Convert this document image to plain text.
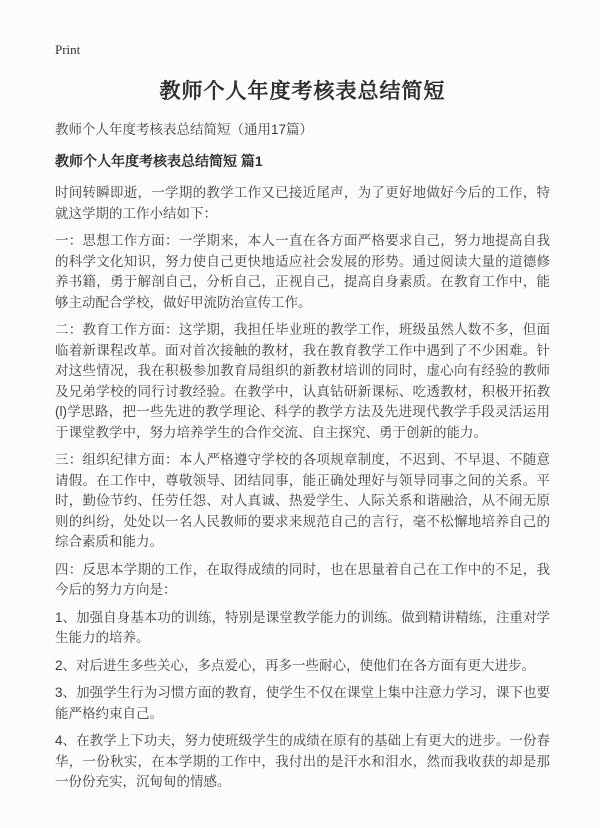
Print
教师个人年度考核表总结简短
教师个人年度考核表总结简短（通用17篇）
教师个人年度考核表总结简短 篇1

时间转瞬即逝，一学期的教学工作又已接近尾声，为了更好地做好今后的工作，特就这学期的工作小结如下：

一：思想工作方面：一学期来，本人一直在各方面严格要求自己，努力地提高自我的科学文化知识，努力使自己更快地适应社会发展的形势。通过阅读大量的道德修养书籍，勇于解剖自己，分析自己，正视自己，提高自身素质。在教育工作中，能够主动配合学校，做好甲流防治宣传工作。

二：教育工作方面：这学期，我担任毕业班的教学工作，班级虽然人数不多，但面临着新课程改革。面对首次接触的教材，我在教育教学工作中遇到了不少困难。针对这些情况，我在积极参加教育局组织的新教材培训的同时，虚心向有经验的教师及兄弟学校的同行讨教经验。在教学中，认真钻研新课标、吃透教材，积极开拓教(l)学思路，把一些先进的教学理论、科学的教学方法及先进现代教学手段灵活运用于课堂教学中，努力培养学生的合作交流、自主探究、勇于创新的能力。

三：组织纪律方面：本人严格遵守学校的各项规章制度，不迟到、不早退、不随意请假。在工作中，尊敬领导、团结同事，能正确处理好与领导同事之间的关系。平时，勤俭节约、任劳任怨、对人真诚、热爱学生、人际关系和谐融洽，从不闹无原则的纠纷，处处以一名人民教师的要求来规范自己的言行，毫不松懈地培养自己的综合素质和能力。

四：反思本学期的工作，在取得成绩的同时，也在思量着自己在工作中的不足，我今后的努力方向是：

1、加强自身基本功的训练，特别是课堂教学能力的训练。做到精讲精练，注重对学生能力的培养。

2、对后进生多些关心，多点爱心，再多一些耐心，使他们在各方面有更大进步。

3、加强学生行为习惯方面的教育，使学生不仅在课堂上集中注意力学习，课下也要能严格约束自己。

4、在教学上下功夫，努力使班级学生的成绩在原有的基础上有更大的进步。一份春华，一份秋实，在本学期的工作中，我付出的是汗水和泪水，然而我收获的却是那一份份充实，沉甸甸的情感。
